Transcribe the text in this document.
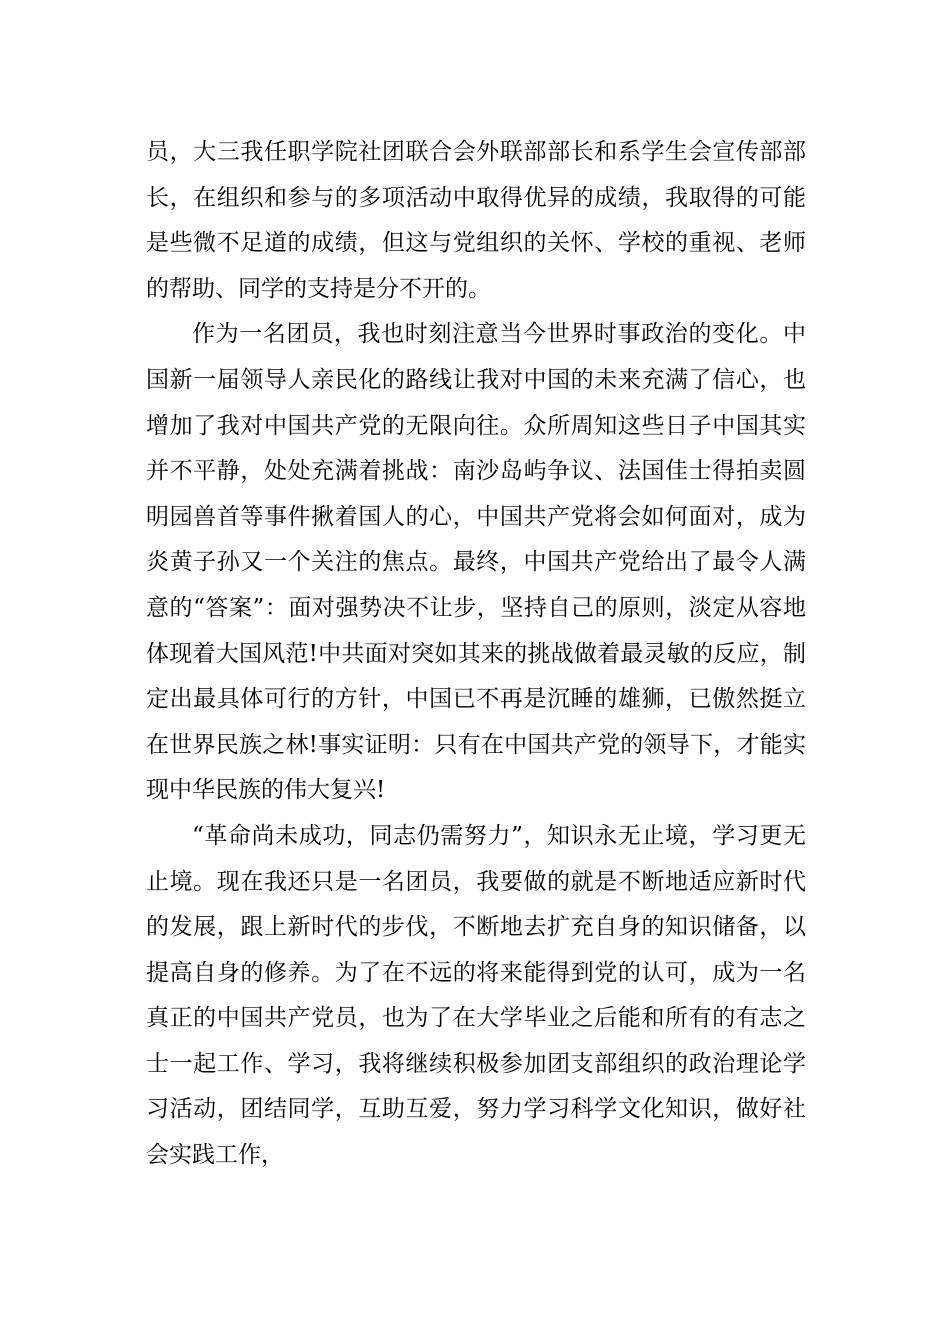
员，大三我任职学院社团联合会外联部部长和系学生会宣传部部长，在组织和参与的多项活动中取得优异的成绩，我取得的可能是些微不足道的成绩，但这与党组织的关怀、学校的重视、老师的帮助、同学的支持是分不开的。

作为一名团员，我也时刻注意当今世界时事政治的变化。中国新一届领导人亲民化的路线让我对中国的未来充满了信心，也增加了我对中国共产党的无限向往。众所周知这些日子中国其实并不平静，处处充满着挑战：南沙岛屿争议、法国佳士得拍卖圆明园兽首等事件揪着国人的心，中国共产党将会如何面对，成为炎黄子孙又一个关注的焦点。最终，中国共产党给出了最令人满意的“答案”：面对强势决不让步，坚持自己的原则，淡定从容地体现着大国风范!中共面对突如其来的挑战做着最灵敏的反应，制定出最具体可行的方针，中国已不再是沉睡的雄狮，已傲然挺立在世界民族之林!事实证明：只有在中国共产党的领导下，才能实现中华民族的伟大复兴!

“革命尚未成功，同志仍需努力”，知识永无止境，学习更无止境。现在我还只是一名团员，我要做的就是不断地适应新时代的发展，跟上新时代的步伐，不断地去扩充自身的知识储备，以提高自身的修养。为了在不远的将来能得到党的认可，成为一名真正的中国共产党员，也为了在大学毕业之后能和所有的有志之士一起工作、学习，我将继续积极参加团支部组织的政治理论学习活动，团结同学，互助互爱，努力学习科学文化知识，做好社会实践工作，
